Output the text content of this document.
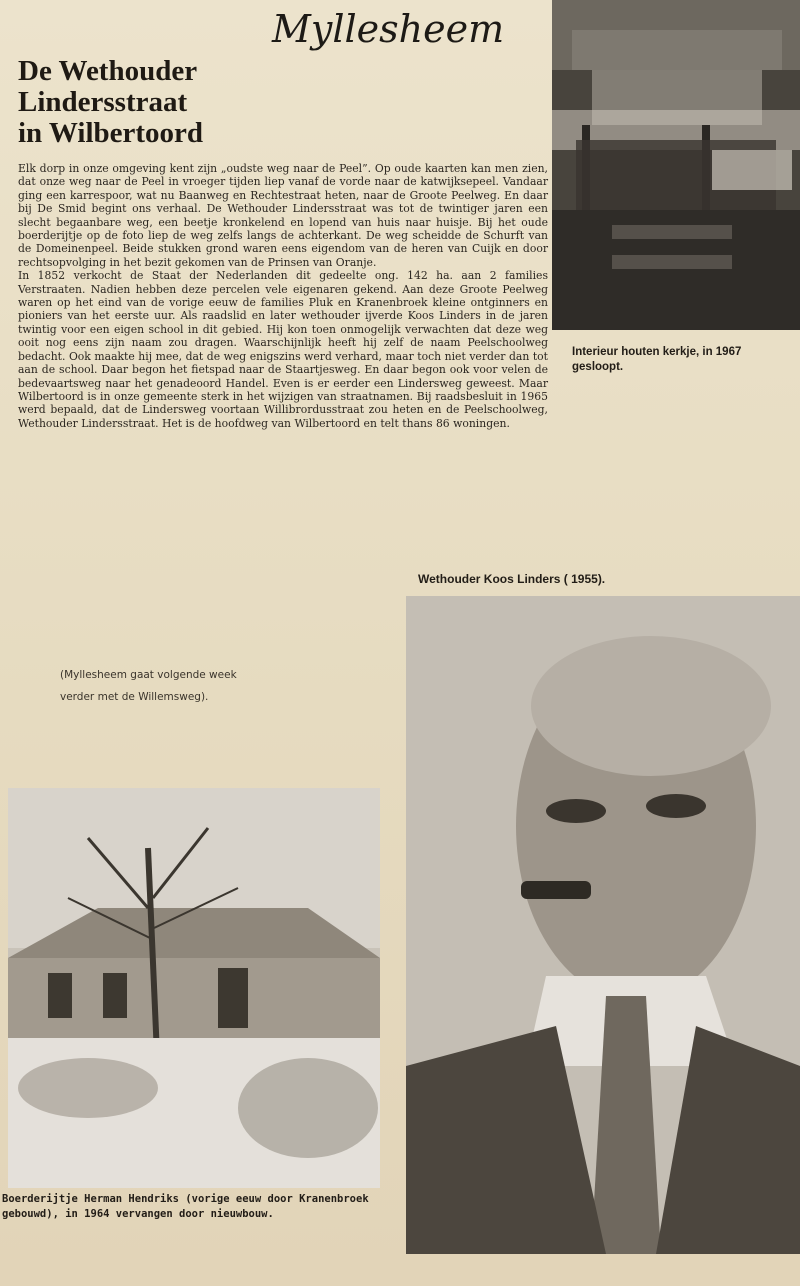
Myllesheem
De Wethouder
Lindersstraat
in Wilbertoord

Elk dorp in onze omgeving kent zijn „oudste weg naar de Peel”. Op oude kaarten kan men zien, dat onze weg naar de Peel in vroeger tijden liep vanaf de vorde naar de katwijksepeel. Vandaar ging een karrespoor, wat nu Baanweg en Rechtestraat heten, naar de Groote Peelweg. En daar bij De Smid begint ons verhaal. De Wethouder Lindersstraat was tot de twintiger jaren een slecht begaanbare weg, een beetje kronkelend en lopend van huis naar huisje. Bij het oude boerderijtje op de foto liep de weg zelfs langs de achterkant. De weg scheidde de Schurft van de Domeinenpeel. Beide stukken grond waren eens eigendom van de heren van Cuijk en door rechtsopvolging in het bezit gekomen van de Prinsen van Oranje.

In 1852 verkocht de Staat der Nederlanden dit gedeelte ong. 142 ha. aan 2 families Verstraaten. Nadien hebben deze percelen vele eigenaren gekend. Aan deze Groote Peelweg waren op het eind van de vorige eeuw de families Pluk en Kranenbroek kleine ontginners en pioniers van het eerste uur. Als raadslid en later wethouder ijverde Koos Linders in de jaren twintig voor een eigen school in dit gebied. Hij kon toen onmogelijk verwachten dat deze weg ooit nog eens zijn naam zou dragen. Waarschijnlijk heeft hij zelf de naam Peelschoolweg bedacht. Ook maakte hij mee, dat de weg enigszins werd verhard, maar toch niet verder dan tot aan de school. Daar begon het fietspad naar de Staartjesweg. En daar begon ook voor velen de bedevaartsweg naar het genadeoord Handel. Even is er eerder een Lindersweg geweest. Maar Wilbertoord is in onze gemeente sterk in het wijzigen van straatnamen. Bij raadsbesluit in 1965 werd bepaald, dat de Lindersweg voortaan Willibrordusstraat zou heten en de Peelschoolweg, Wethouder Lindersstraat. Het is de hoofdweg van Wilbertoord en telt thans 86 woningen.

Interieur houten kerkje, in 1967 gesloopt.
Wethouder Koos Linders ( 1955).
(Myllesheem gaat volgende week
verder met de Willemsweg).
Boerderijtje Herman Hendriks (vorige eeuw door Kranenbroek gebouwd), in 1964 vervangen door nieuwbouw.
